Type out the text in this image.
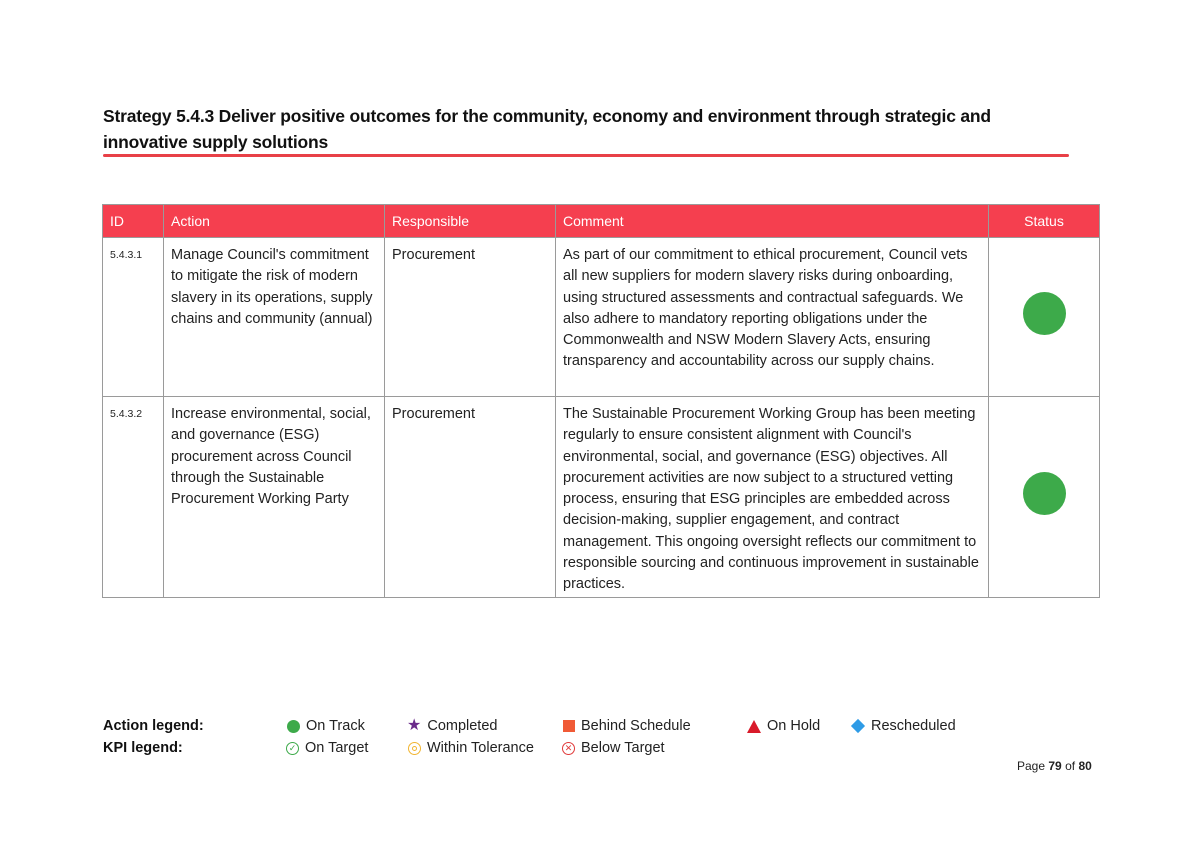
Strategy 5.4.3 Deliver positive outcomes for the community, economy and environment through strategic and innovative supply solutions
ID	Action	Responsible	Comment	Status
5.4.3.1	Manage Council's commitment to mitigate the risk of modern slavery in its operations, supply chains and community (annual)	Procurement	As part of our commitment to ethical procurement, Council vets all new suppliers for modern slavery risks during onboarding, using structured assessments and contractual safeguards. We also adhere to mandatory reporting obligations under the Commonwealth and NSW Modern Slavery Acts, ensuring transparency and accountability across our supply chains.	
5.4.3.2	Increase environmental, social, and governance (ESG) procurement across Council through the Sustainable Procurement Working Party	Procurement	The Sustainable Procurement Working Group has been meeting regularly to ensure consistent alignment with Council's environmental, social, and governance (ESG) objectives. All procurement activities are now subject to a structured vetting process, ensuring that ESG principles are embedded across decision-making, supplier engagement, and contract management. This ongoing oversight reflects our commitment to responsible sourcing and continuous improvement in sustainable practices.	
Action legend:
KPI legend:
On Track	★ Completed	Behind Schedule	On Hold	Rescheduled
✓ On Target	Within Tolerance	✕ Below Target
Page 79 of 80
